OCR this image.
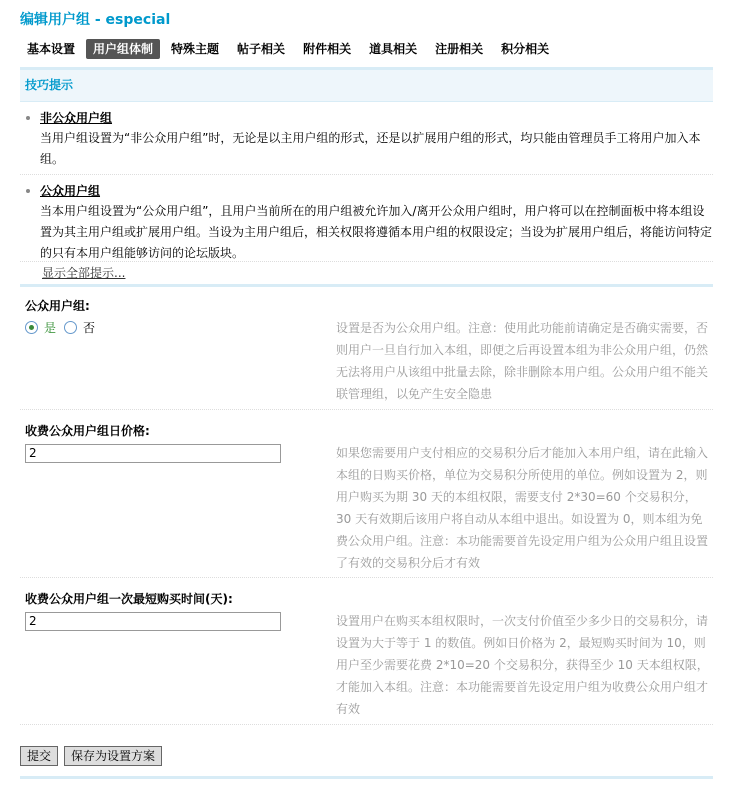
编辑用户组 - especial
基本设置	用户组体制	特殊主题	帖子相关	附件相关	道具相关	注册相关	积分相关
技巧提示
非公众用户组
当用户组设置为“非公众用户组”时，无论是以主用户组的形式，还是以扩展用户组的形式，均只能由管理员手工将用户加入本组。
公众用户组
当本用户组设置为“公众用户组”，且用户当前所在的用户组被允许加入/离开公众用户组时，用户将可以在控制面板中将本组设置为其主用户组或扩展用户组。当设为主用户组后，相关权限将遵循本用户组的权限设定；当设为扩展用户组后，将能访问特定的只有本用户组能够访问的论坛版块。
显示全部提示...
公众用户组:
是 否	设置是否为公众用户组。注意：使用此功能前请确定是否确实需要，否则用户一旦自行加入本组，即便之后再设置本组为非公众用户组，仍然无法将用户从该组中批量去除，除非删除本用户组。公众用户组不能关联管理组，以免产生安全隐患
收费公众用户组日价格:
2
如果您需要用户支付相应的交易积分后才能加入本用户组，请在此输入本组的日购买价格，单位为交易积分所使用的单位。例如设置为 2，则用户购买为期 30 天的本组权限，需要支付 2*30=60 个交易积分，30 天有效期后该用户将自动从本组中退出。如设置为 0，则本组为免费公众用户组。注意：本功能需要首先设定用户组为公众用户组且设置了有效的交易积分后才有效
收费公众用户组一次最短购买时间(天):
2
设置用户在购买本组权限时，一次支付价值至少多少日的交易积分，请设置为大于等于 1 的数值。例如日价格为 2，最短购买时间为 10，则用户至少需要花费 2*10=20 个交易积分，获得至少 10 天本组权限，才能加入本组。注意：本功能需要首先设定用户组为收费公众用户组才有效
提交	保存为设置方案
